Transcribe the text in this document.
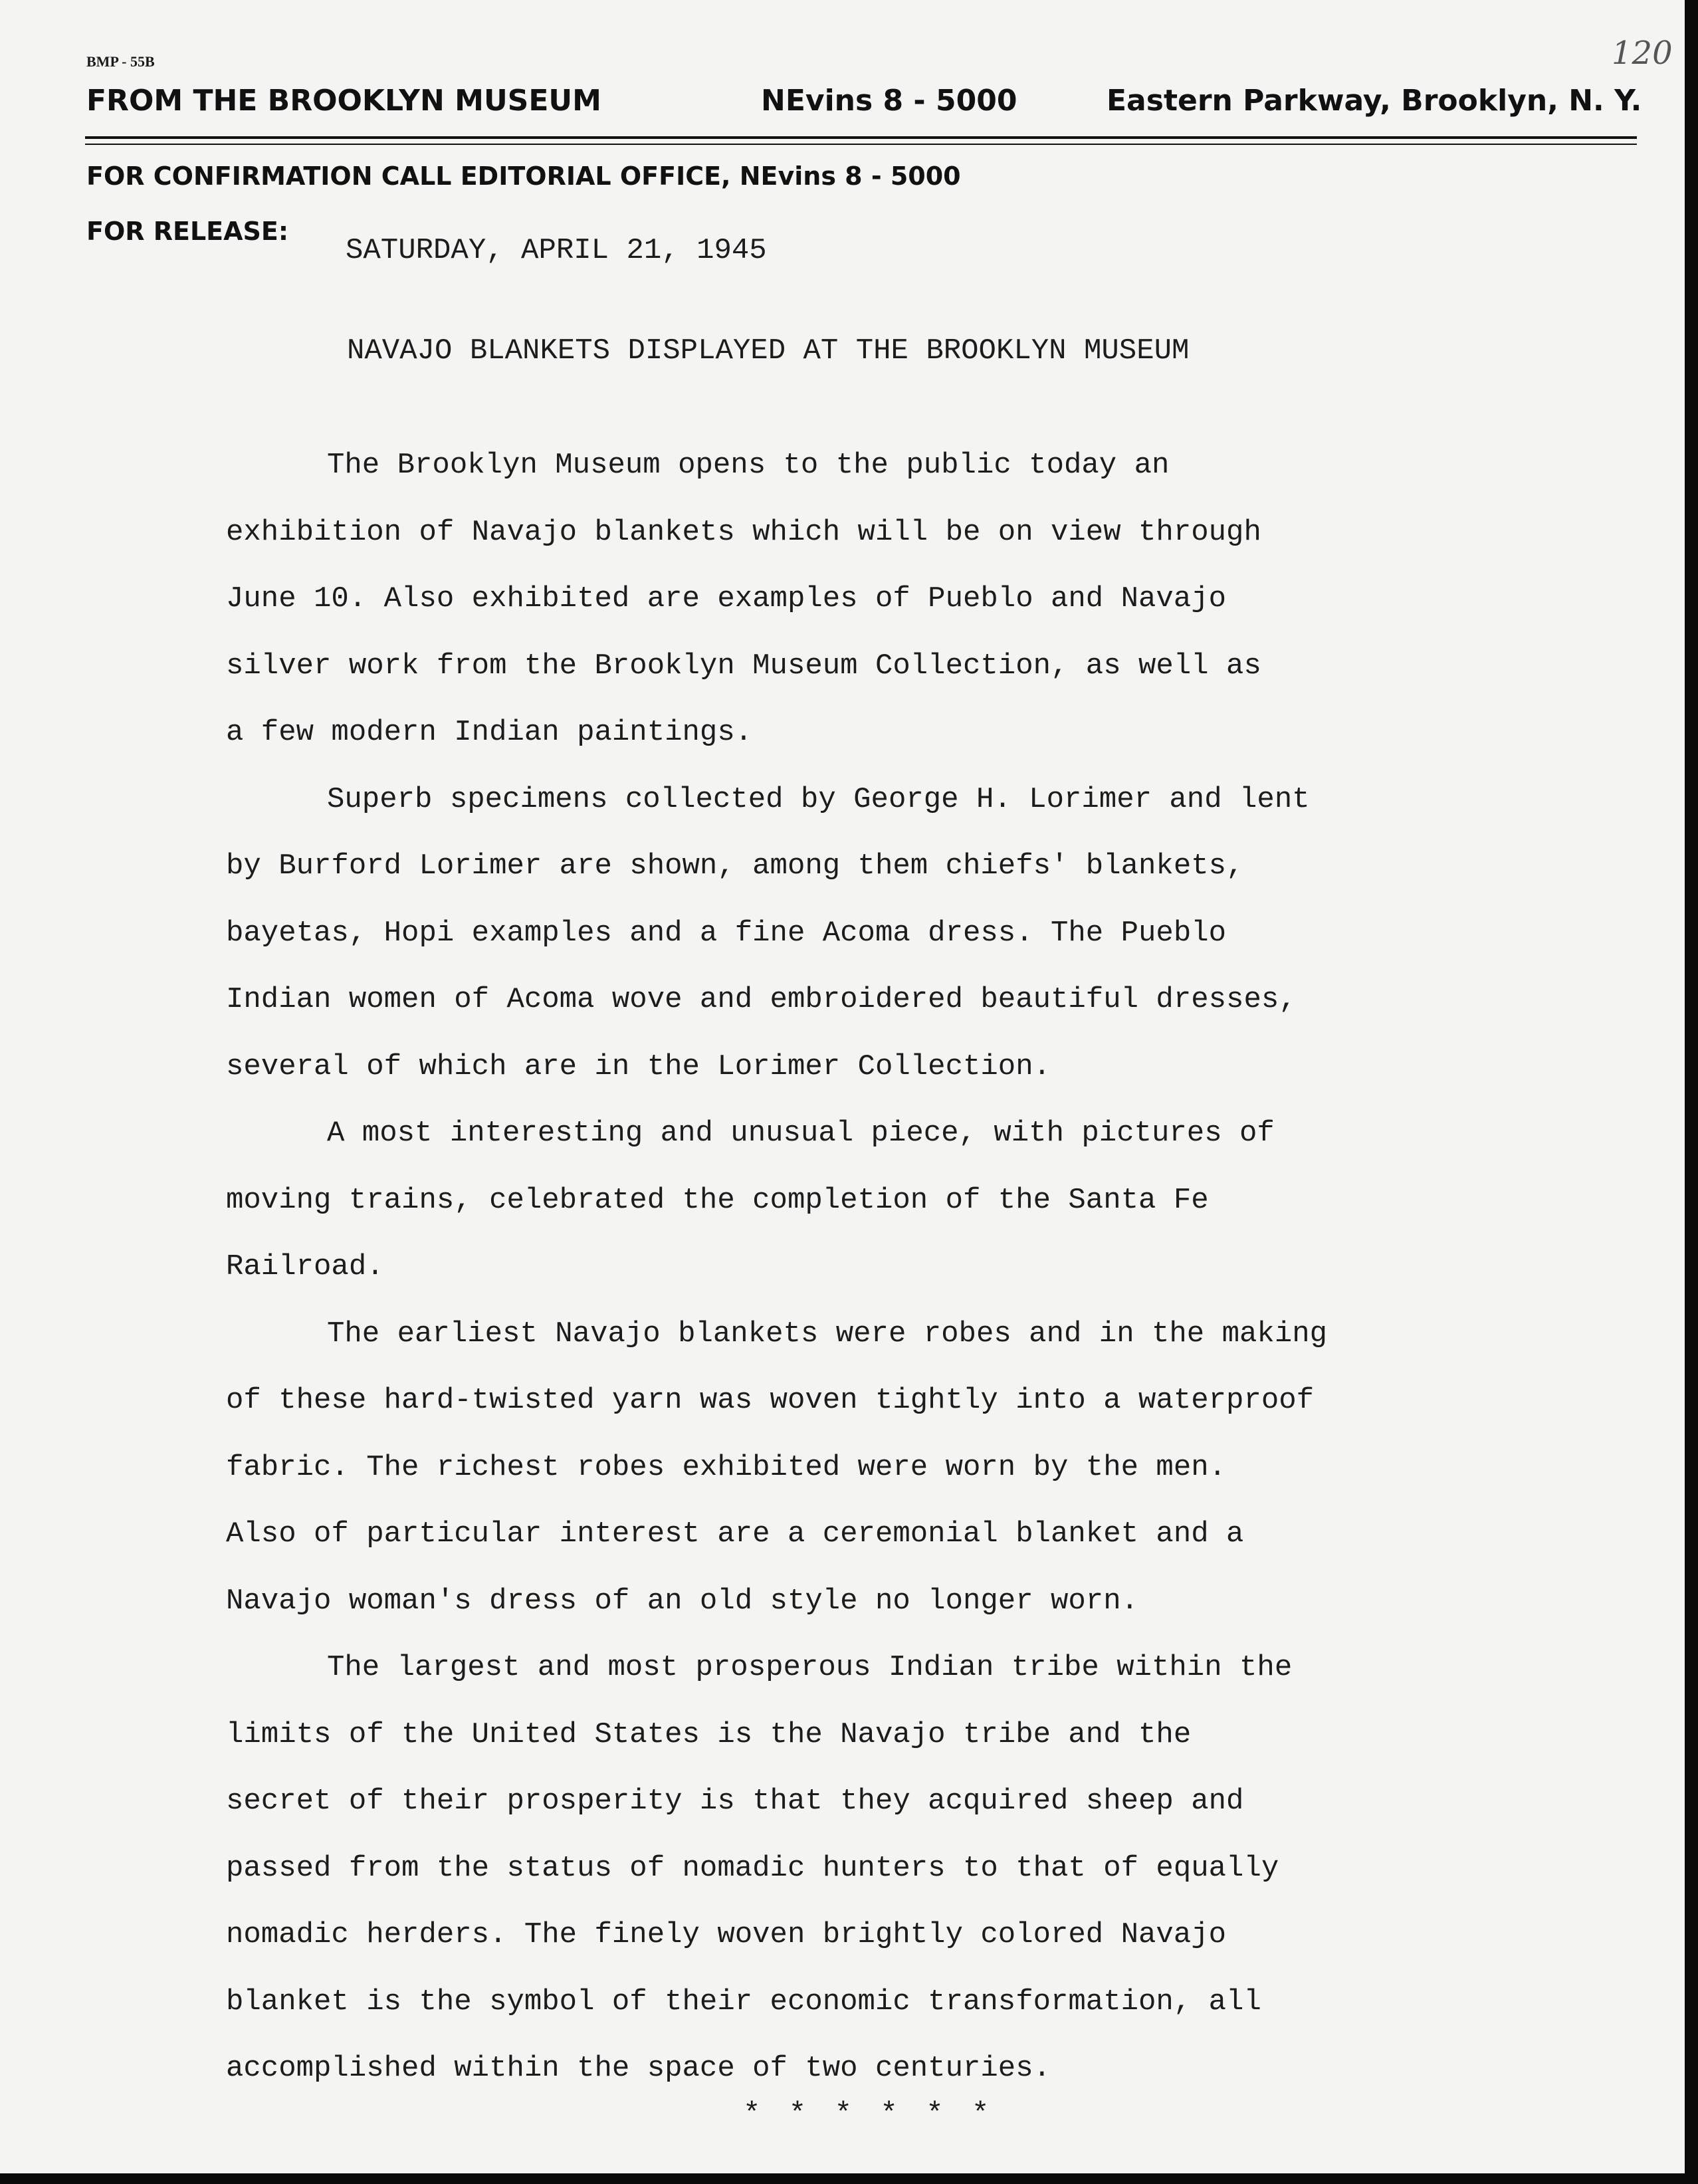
BMP - 55B	120
FROM THE BROOKLYN MUSEUM	NEvins 8 - 5000	Eastern Parkway, Brooklyn, N. Y.
FOR CONFIRMATION CALL EDITORIAL OFFICE, NEvins 8 - 5000
FOR RELEASE:
SATURDAY, APRIL 21, 1945
NAVAJO BLANKETS DISPLAYED AT THE BROOKLYN MUSEUM
The Brooklyn Museum opens to the public today an
exhibition of Navajo blankets which will be on view through
June 10. Also exhibited are examples of Pueblo and Navajo
silver work from the Brooklyn Museum Collection, as well as
a few modern Indian paintings.
Superb specimens collected by George H. Lorimer and lent
by Burford Lorimer are shown, among them chiefs' blankets,
bayetas, Hopi examples and a fine Acoma dress. The Pueblo
Indian women of Acoma wove and embroidered beautiful dresses,
several of which are in the Lorimer Collection.
A most interesting and unusual piece, with pictures of
moving trains, celebrated the completion of the Santa Fe
Railroad.
The earliest Navajo blankets were robes and in the making
of these hard-twisted yarn was woven tightly into a waterproof
fabric. The richest robes exhibited were worn by the men.
Also of particular interest are a ceremonial blanket and a
Navajo woman's dress of an old style no longer worn.
The largest and most prosperous Indian tribe within the
limits of the United States is the Navajo tribe and the
secret of their prosperity is that they acquired sheep and
passed from the status of nomadic hunters to that of equally
nomadic herders. The finely woven brightly colored Navajo
blanket is the symbol of their economic transformation, all
accomplished within the space of two centuries.
* * * * * *
